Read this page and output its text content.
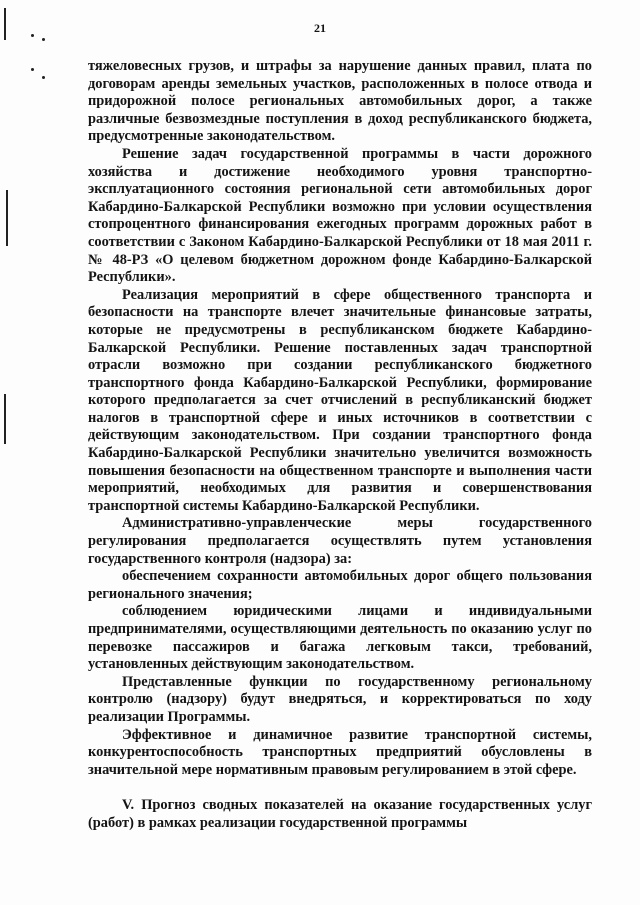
21

тяжеловесных грузов, и штрафы за нарушение данных правил, плата по договорам аренды земельных участков, расположенных в полосе отвода и придорожной полосе региональных автомобильных дорог, а также различные безвозмездные поступления в доход республиканского бюджета, предусмотренные законодательством.

Решение задач государственной программы в части дорожного хозяйства и достижение необходимого уровня транспортно-эксплуатационного состояния региональной сети автомобильных дорог Кабардино-Балкарской Республики возможно при условии осуществления стопроцентного финансирования ежегодных программ дорожных работ в соответствии с Законом Кабардино-Балкарской Республики от 18 мая 2011 г. № 48-РЗ «О целевом бюджетном дорожном фонде Кабардино-Балкарской Республики».

Реализация мероприятий в сфере общественного транспорта и безопасности на транспорте влечет значительные финансовые затраты, которые не предусмотрены в республиканском бюджете Кабардино-Балкарской Республики. Решение поставленных задач транспортной отрасли возможно при создании республиканского бюджетного транспортного фонда Кабардино-Балкарской Республики, формирование которого предполагается за счет отчислений в республиканский бюджет налогов в транспортной сфере и иных источников в соответствии с действующим законодательством. При создании транспортного фонда Кабардино-Балкарской Республики значительно увеличится возможность повышения безопасности на общественном транспорте и выполнения части мероприятий, необходимых для развития и совершенствования транспортной системы Кабардино-Балкарской Республики.

Административно-управленческие меры государственного регулирования предполагается осуществлять путем установления государственного контроля (надзора) за:

обеспечением сохранности автомобильных дорог общего пользования регионального значения;

соблюдением юридическими лицами и индивидуальными предпринимателями, осуществляющими деятельность по оказанию услуг по перевозке пассажиров и багажа легковым такси, требований, установленных действующим законодательством.

Представленные функции по государственному региональному контролю (надзору) будут внедряться, и корректироваться по ходу реализации Программы.

Эффективное и динамичное развитие транспортной системы, конкурентоспособность транспортных предприятий обусловлены в значительной мере нормативным правовым регулированием в этой сфере.

V. Прогноз сводных показателей на оказание государственных услуг (работ) в рамках реализации государственной программы
